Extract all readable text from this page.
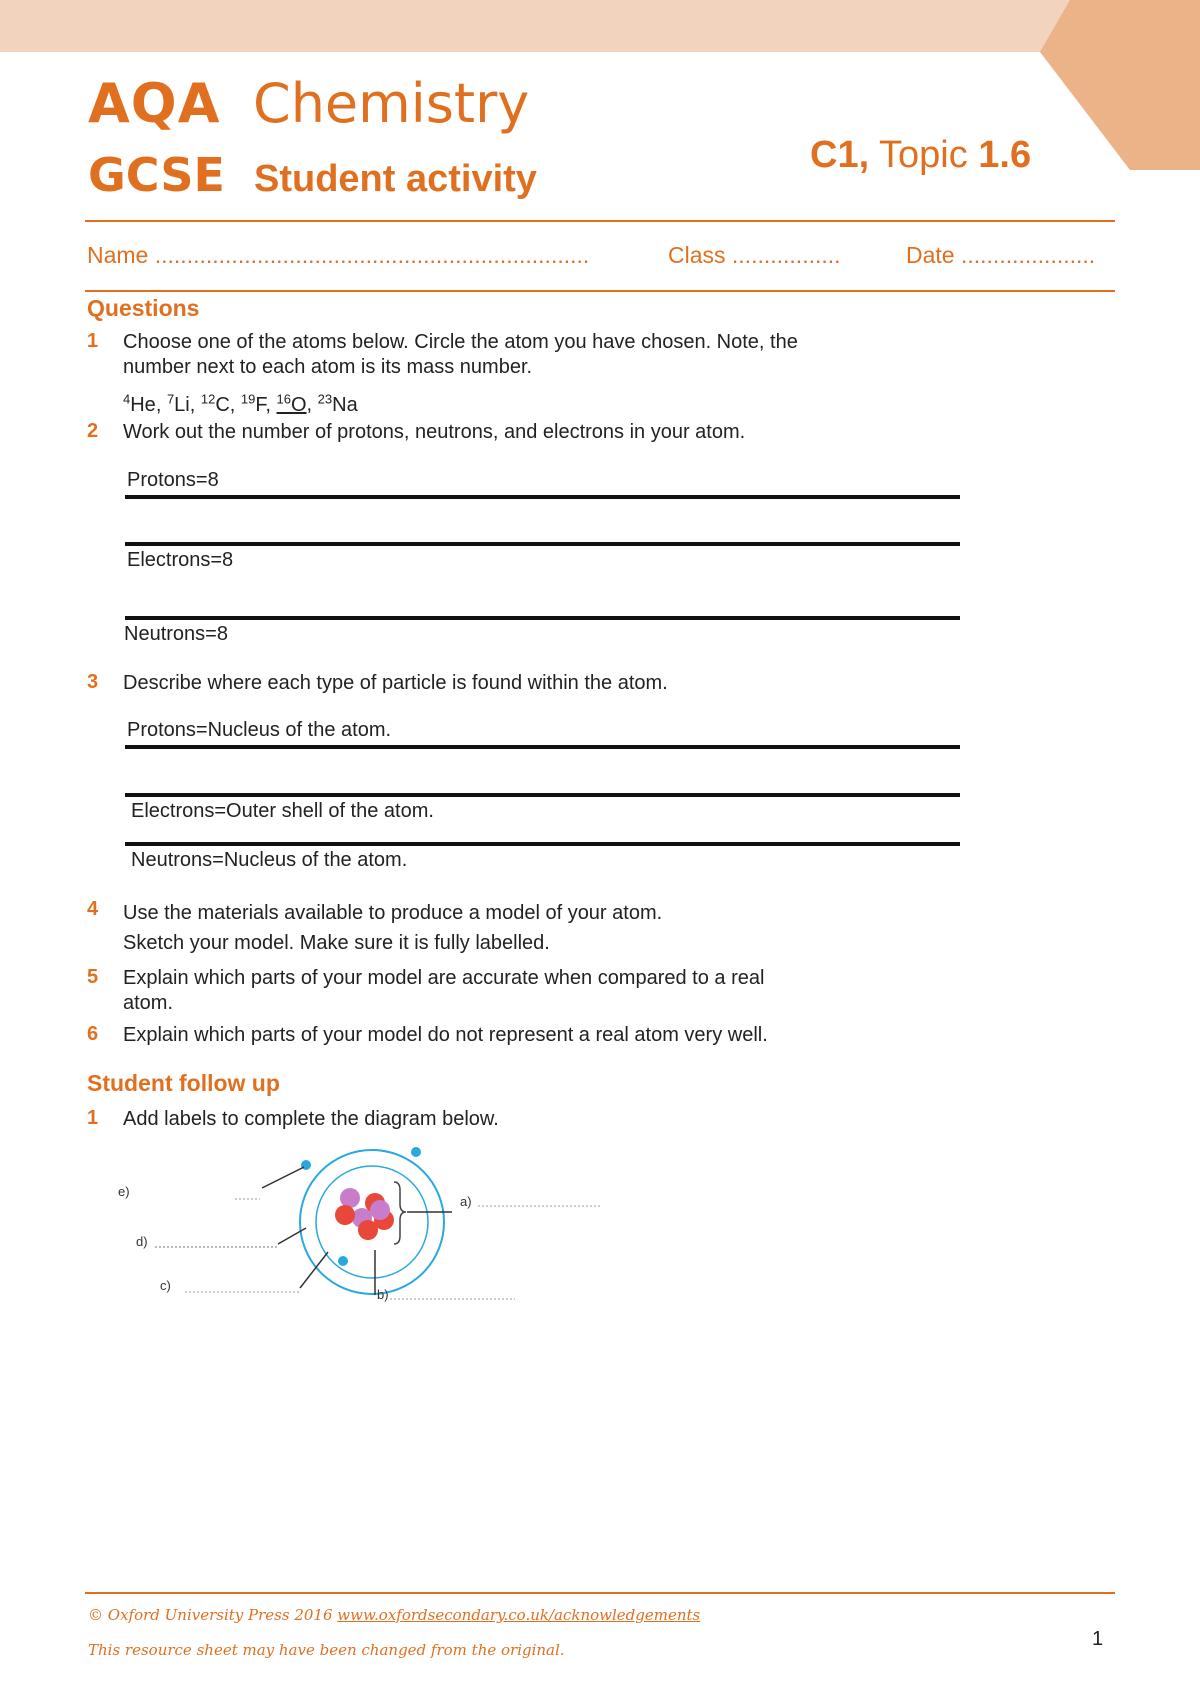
AQA Chemistry
GCSE Student activity
C1, Topic 1.6
Name ....................................................................	Class .................	Date .....................
Questions
1 Choose one of the atoms below. Circle the atom you have chosen. Note, the
number next to each atom is its mass number.
$^4$He, $^7$Li, $^{12}$C, $^{19}$F, $^{16}$O, $^{23}$Na
2 Work out the number of protons, neutrons, and electrons in your atom.
Protons=8
Electrons=8
Neutrons=8
3 Describe where each type of particle is found within the atom.
Protons=Nucleus of the atom.
Electrons=Outer shell of the atom.
Neutrons=Nucleus of the atom.
4 Use the materials available to produce a model of your atom.
Sketch your model. Make sure it is fully labelled.
5 Explain which parts of your model are accurate when compared to a real
atom.
6 Explain which parts of your model do not represent a real atom very well.
Student follow up
1 Add labels to complete the diagram below.
e)
d)
c)
a)
b)
© Oxford University Press 2016 www.oxfordsecondary.co.uk/acknowledgements
This resource sheet may have been changed from the original.	1
